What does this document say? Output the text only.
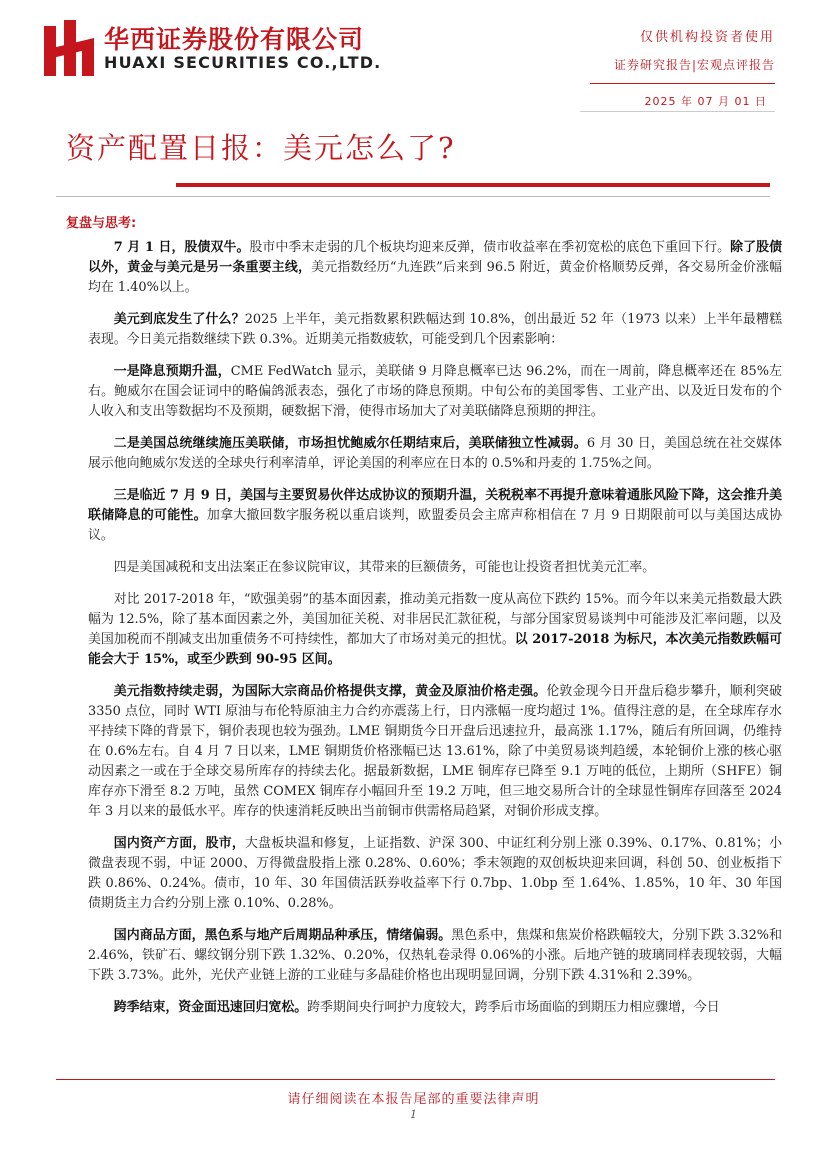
华西证券股份有限公司
HUAXI SECURITIES CO.,LTD.
仅供机构投资者使用
证券研究报告|宏观点评报告
2025 年 07 月 01 日
资产配置日报：美元怎么了?
复盘与思考:

7 月 1 日，股债双牛。股市中季末走弱的几个板块均迎来反弹，债市收益率在季初宽松的底色下重回下行。除了股债以外，黄金与美元是另一条重要主线，美元指数经历“九连跌”后来到 96.5 附近，黄金价格顺势反弹，各交易所金价涨幅均在 1.40%以上。

美元到底发生了什么？2025 上半年，美元指数累积跌幅达到 10.8%，创出最近 52 年（1973 以来）上半年最糟糕表现。今日美元指数继续下跌 0.3%。近期美元指数疲软，可能受到几个因素影响：

一是降息预期升温，CME FedWatch 显示，美联储 9 月降息概率已达 96.2%，而在一周前，降息概率还在 85%左右。鲍威尔在国会证词中的略偏鸽派表态，强化了市场的降息预期。中旬公布的美国零售、工业产出、以及近日发布的个人收入和支出等数据均不及预期，硬数据下滑，使得市场加大了对美联储降息预期的押注。

二是美国总统继续施压美联储，市场担忧鲍威尔任期结束后，美联储独立性减弱。6 月 30 日，美国总统在社交媒体展示他向鲍威尔发送的全球央行利率清单，评论美国的利率应在日本的 0.5%和丹麦的 1.75%之间。

三是临近 7 月 9 日，美国与主要贸易伙伴达成协议的预期升温，关税税率不再提升意味着通胀风险下降，这会推升美联储降息的可能性。加拿大撤回数字服务税以重启谈判，欧盟委员会主席声称相信在 7 月 9 日期限前可以与美国达成协议。

四是美国减税和支出法案正在参议院审议，其带来的巨额债务，可能也让投资者担忧美元汇率。

对比 2017-2018 年，“欧强美弱”的基本面因素，推动美元指数一度从高位下跌约 15%。而今年以来美元指数最大跌幅为 12.5%，除了基本面因素之外，美国加征关税、对非居民汇款征税，与部分国家贸易谈判中可能涉及汇率问题，以及美国加税而不削减支出加重债务不可持续性，都加大了市场对美元的担忧。以 2017-2018 为标尺，本次美元指数跌幅可能会大于 15%，或至少跌到 90-95 区间。

美元指数持续走弱，为国际大宗商品价格提供支撑，黄金及原油价格走强。伦敦金现今日开盘后稳步攀升，顺利突破 3350 点位，同时 WTI 原油与布伦特原油主力合约亦震荡上行，日内涨幅一度均超过 1%。值得注意的是，在全球库存水平持续下降的背景下，铜价表现也较为强劲。LME 铜期货今日开盘后迅速拉升，最高涨 1.17%，随后有所回调，仍维持在 0.6%左右。自 4 月 7 日以来，LME 铜期货价格涨幅已达 13.61%，除了中美贸易谈判趋缓，本轮铜价上涨的核心驱动因素之一或在于全球交易所库存的持续去化。据最新数据，LME 铜库存已降至 9.1 万吨的低位，上期所（SHFE）铜库存亦下滑至 8.2 万吨，虽然 COMEX 铜库存小幅回升至 19.2 万吨，但三地交易所合计的全球显性铜库存回落至 2024 年 3 月以来的最低水平。库存的快速消耗反映出当前铜市供需格局趋紧，对铜价形成支撑。

国内资产方面，股市，大盘板块温和修复，上证指数、沪深 300、中证红利分别上涨 0.39%、0.17%、0.81%；小微盘表现不弱，中证 2000、万得微盘股指上涨 0.28%、0.60%；季末领跑的双创板块迎来回调，科创 50、创业板指下跌 0.86%、0.24%。债市，10 年、30 年国债活跃券收益率下行 0.7bp、1.0bp 至 1.64%、1.85%，10 年、30 年国债期货主力合约分别上涨 0.10%、0.28%。

国内商品方面，黑色系与地产后周期品种承压，情绪偏弱。黑色系中，焦煤和焦炭价格跌幅较大，分别下跌 3.32%和 2.46%，铁矿石、螺纹钢分别下跌 1.32%、0.20%，仅热轧卷录得 0.06%的小涨。后地产链的玻璃同样表现较弱，大幅下跌 3.73%。此外，光伏产业链上游的工业硅与多晶硅价格也出现明显回调，分别下跌 4.31%和 2.39%。

跨季结束，资金面迅速回归宽松。跨季期间央行呵护力度较大，跨季后市场面临的到期压力相应骤增，今日

请仔细阅读在本报告尾部的重要法律声明
1
